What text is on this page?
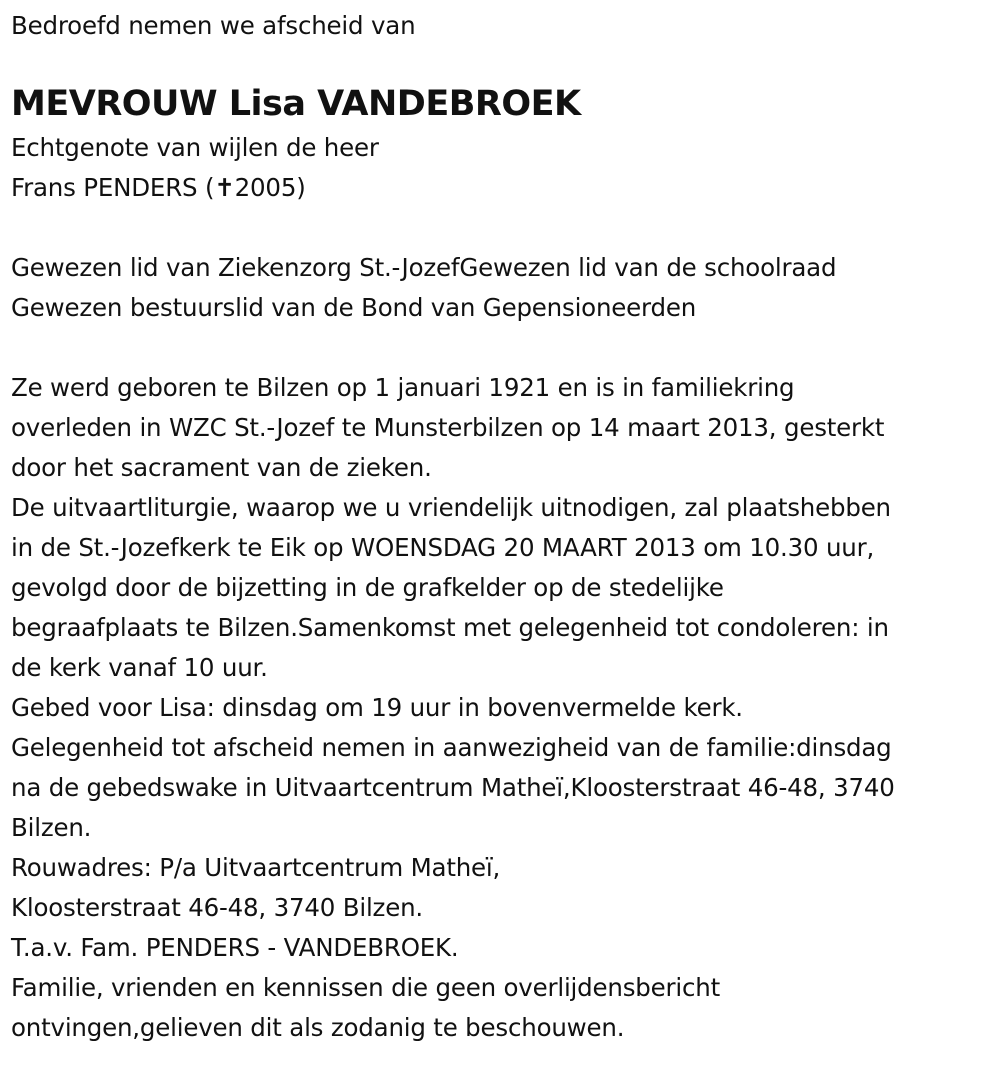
Bedroefd nemen we afscheid van
MEVROUW Lisa VANDEBROEK
Echtgenote van wijlen de heer
Frans PENDERS (✝2005)
Gewezen lid van Ziekenzorg St.-JozefGewezen lid van de schoolraad
Gewezen bestuurslid van de Bond van Gepensioneerden
Ze werd geboren te Bilzen op 1 januari 1921 en is in familiekring
overleden in WZC St.-Jozef te Munsterbilzen op 14 maart 2013, gesterkt
door het sacrament van de zieken.
De uitvaartliturgie, waarop we u vriendelijk uitnodigen, zal plaatshebben
in de St.-Jozefkerk te Eik op WOENSDAG 20 MAART 2013 om 10.30 uur,
gevolgd door de bijzetting in de grafkelder op de stedelijke
begraafplaats te Bilzen.Samenkomst met gelegenheid tot condoleren: in
de kerk vanaf 10 uur.
Gebed voor Lisa: dinsdag om 19 uur in bovenvermelde kerk.
Gelegenheid tot afscheid nemen in aanwezigheid van de familie:dinsdag
na de gebedswake in Uitvaartcentrum Matheï,Kloosterstraat 46-48, 3740
Bilzen.
Rouwadres: P/a Uitvaartcentrum Matheï,
Kloosterstraat 46-48, 3740 Bilzen.
T.a.v. Fam. PENDERS - VANDEBROEK.
Familie, vrienden en kennissen die geen overlijdensbericht
ontvingen,gelieven dit als zodanig te beschouwen.
